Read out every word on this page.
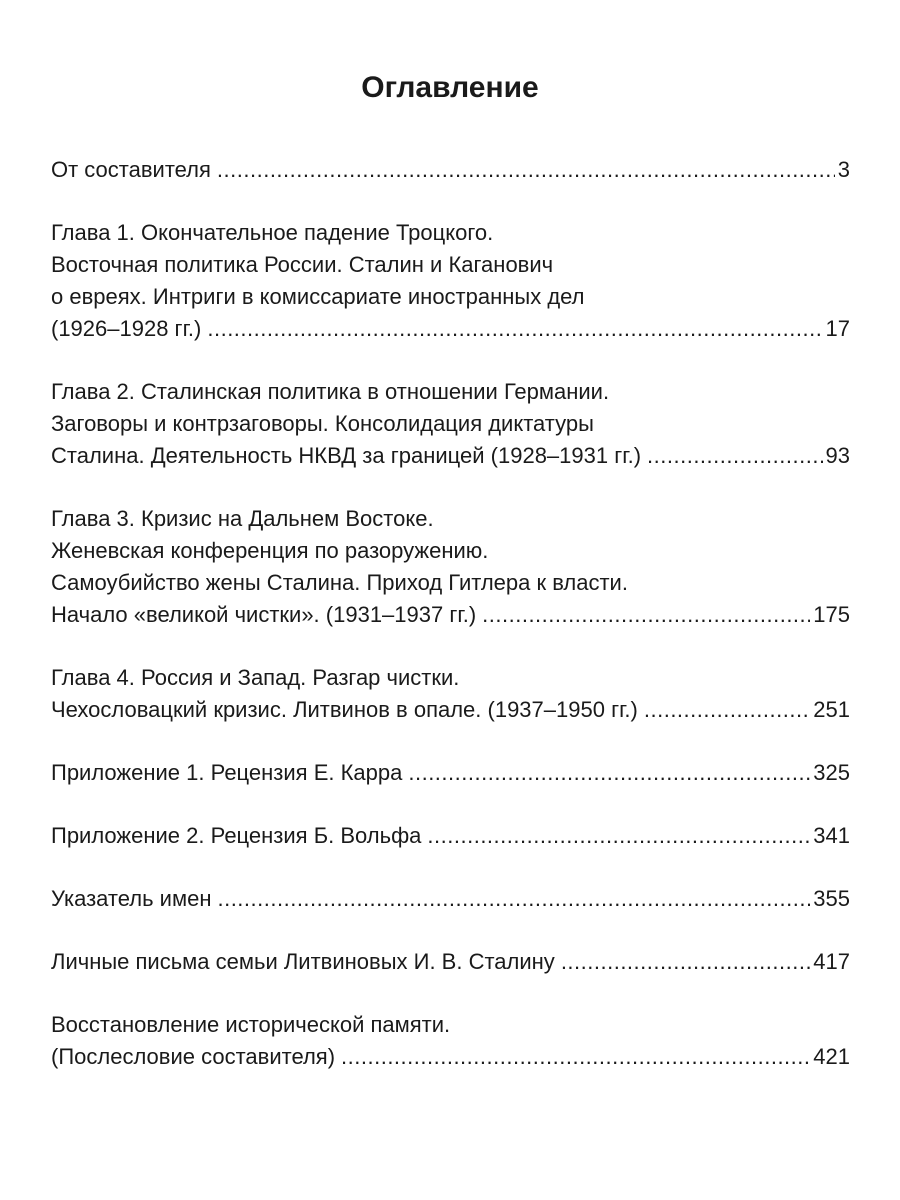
Оглавление
От составителя .....	3
Глава 1. Окончательное падение Троцкого.
Восточная политика России. Сталин и Каганович
о евреях. Интриги в комиссариате иностранных дел
(1926–1928 гг.) .....	17
Глава 2. Сталинская политика в отношении Германии.
Заговоры и контрзаговоры. Консолидация диктатуры
Сталина. Деятельность НКВД за границей (1928–1931 гг.) .....	93
Глава 3. Кризис на Дальнем Востоке.
Женевская конференция по разоружению.
Самоубийство жены Сталина. Приход Гитлера к власти.
Начало «великой чистки». (1931–1937 гг.) .....	175
Глава 4. Россия и Запад. Разгар чистки.
Чехословацкий кризис. Литвинов в опале. (1937–1950 гг.) .....	251
Приложение 1. Рецензия Е. Карра .....	325
Приложение 2. Рецензия Б. Вольфа .....	341
Указатель имен .....	355
Личные письма семьи Литвиновых И. В. Сталину .....	417
Восстановление исторической памяти.
(Послесловие составителя) .....	421
